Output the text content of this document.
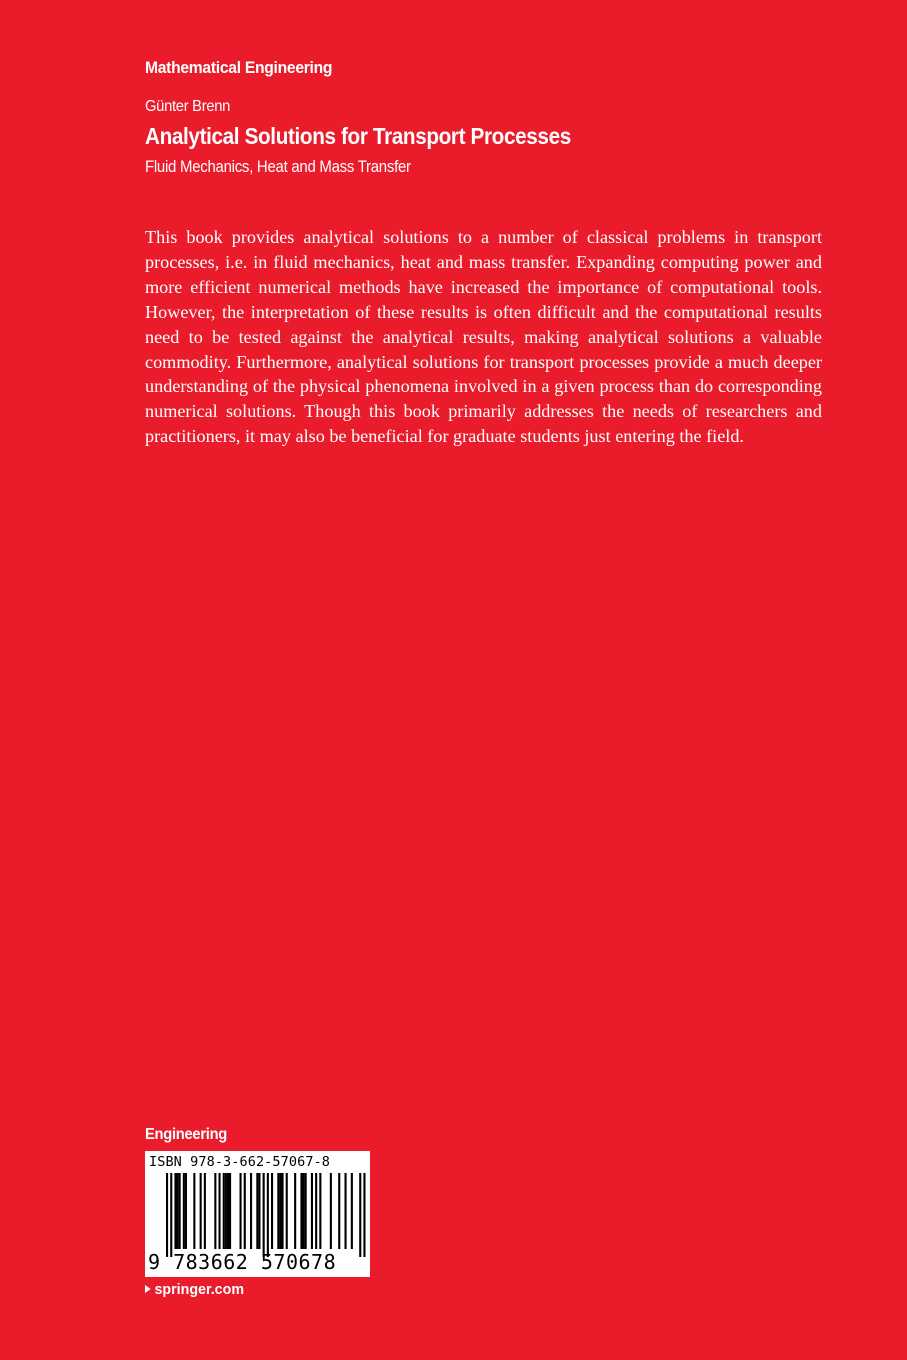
Mathematical Engineering
Günter Brenn
Analytical Solutions for Transport Processes
Fluid Mechanics, Heat and Mass Transfer

This book provides analytical solutions to a number of classical problems in transport processes, i.e. in fluid mechanics, heat and mass transfer. Expanding computing power and more efficient numerical methods have increased the importance of computational tools. However, the interpretation of these results is often difficult and the computational results need to be tested against the analytical results, making analytical solutions a valuable commodity. Furthermore, analytical solutions for transport processes provide a much deeper understanding of the physical phenomena involved in a given process than do corresponding numerical solutions. Though this book primarily addresses the needs of researchers and practitioners, it may also be beneficial for graduate students just entering the field.

Engineering
ISBN 978-3-662-57067-8
9 783662 570678
springer.com
